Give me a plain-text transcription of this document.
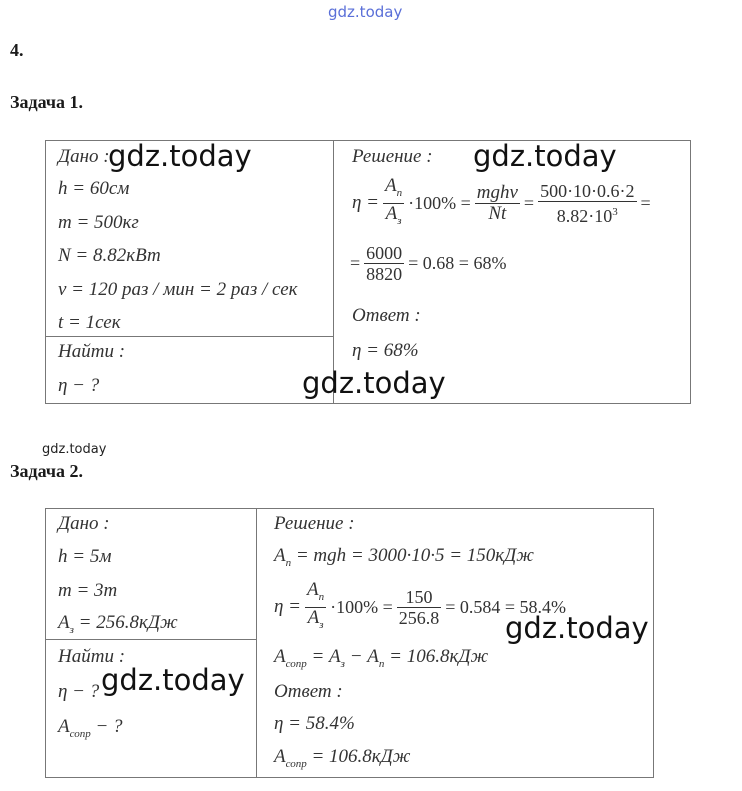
gdz.today
4.
Задача 1.
Дано :
h = 60см
m = 500кг
N = 8.82кВт
v = 120 раз / мин = 2 раз / сек
t = 1сек
Найти :
η − ?
Решение :
$\eta = \frac{A_п}{A_з} \cdot 100\% = \frac{\text{mghv}}{Nt} = \frac{500\cdot 10\cdot 0.6\cdot 2}{8.82\cdot 10^3}$ =
= $\frac{6000}{8820} = 0.68 = 68\%$
Ответ :
η = 68%
gdz.today	gdz.today
gdz.today
gdz.today
Задача 2.
Дано :
h = 5м
m = 3т
$A_з = 256.8кДж$
Найти :
η − ?
$A_{сопр}$ − ?
Решение :
$A_п$ = mgh = 3000·10·5 = 150кДж
$\eta = \frac{A_п}{A_з} \cdot 100\% = \frac{150}{256.8} = 0.584 = 58.4\%$
$A_{сопр} = A_з - A_п = 106.8кДж$
Ответ :
η = 58.4%
$A_{сопр} = 106.8кДж$
gdz.today
gdz.today
